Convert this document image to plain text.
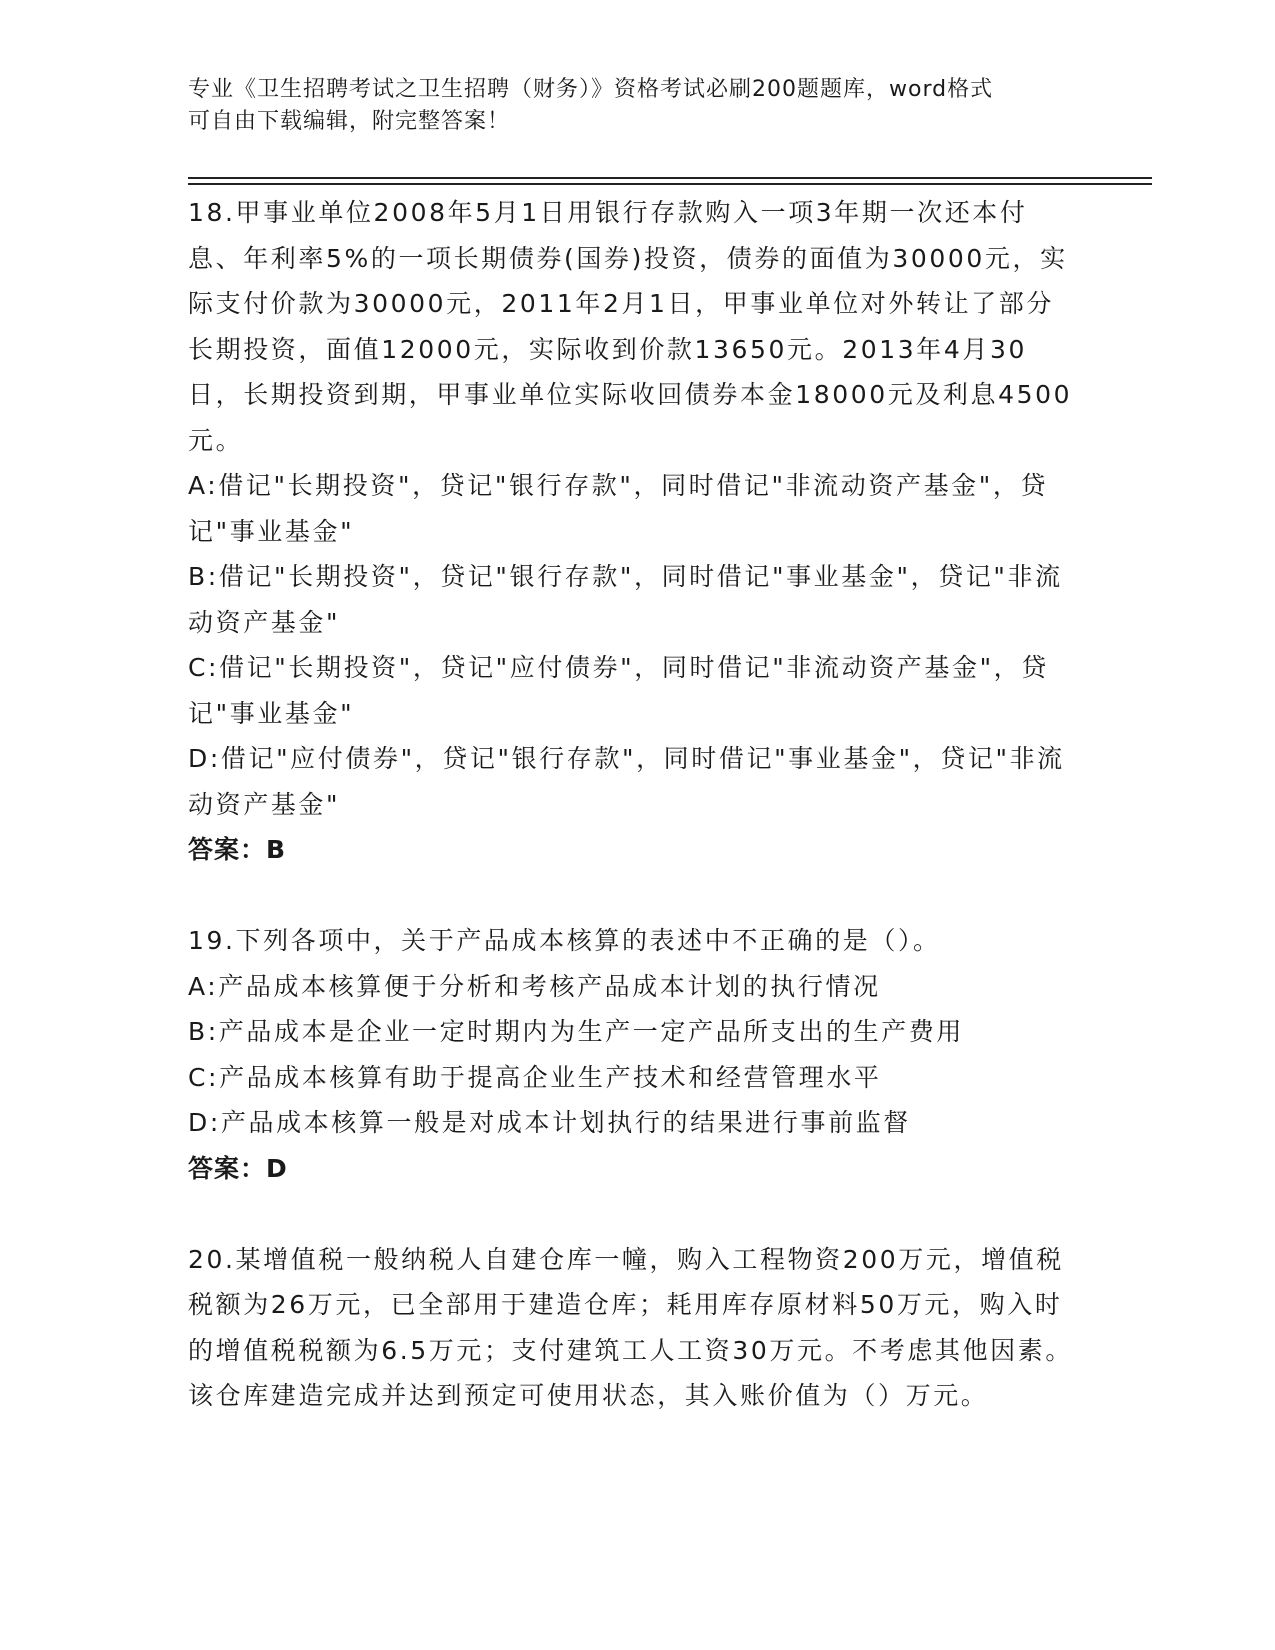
专业《卫生招聘考试之卫生招聘（财务）》资格考试必刷200题题库，word格式
可自由下载编辑，附完整答案！
18.甲事业单位2008年5月1日用银行存款购入一项3年期一次还本付息、年利率5%的一项长期债券(国券)投资，债券的面值为30000元，实际支付价款为30000元，2011年2月1日，甲事业单位对外转让了部分长期投资，面值12000元，实际收到价款13650元。2013年4月30日，长期投资到期，甲事业单位实际收回债券本金18000元及利息4500元。
A:借记"长期投资"，贷记"银行存款"，同时借记"非流动资产基金"，贷记"事业基金"
B:借记"长期投资"，贷记"银行存款"，同时借记"事业基金"，贷记"非流动资产基金"
C:借记"长期投资"，贷记"应付债券"，同时借记"非流动资产基金"，贷记"事业基金"
D:借记"应付债券"，贷记"银行存款"，同时借记"事业基金"，贷记"非流动资产基金"
答案：B
19.下列各项中，关于产品成本核算的表述中不正确的是（）。
A:产品成本核算便于分析和考核产品成本计划的执行情况
B:产品成本是企业一定时期内为生产一定产品所支出的生产费用
C:产品成本核算有助于提高企业生产技术和经营管理水平
D:产品成本核算一般是对成本计划执行的结果进行事前监督
答案：D
20.某增值税一般纳税人自建仓库一幢，购入工程物资200万元，增值税税额为26万元，已全部用于建造仓库；耗用库存原材料50万元，购入时的增值税税额为6.5万元；支付建筑工人工资30万元。不考虑其他因素。该仓库建造完成并达到预定可使用状态，其入账价值为（）万元。
